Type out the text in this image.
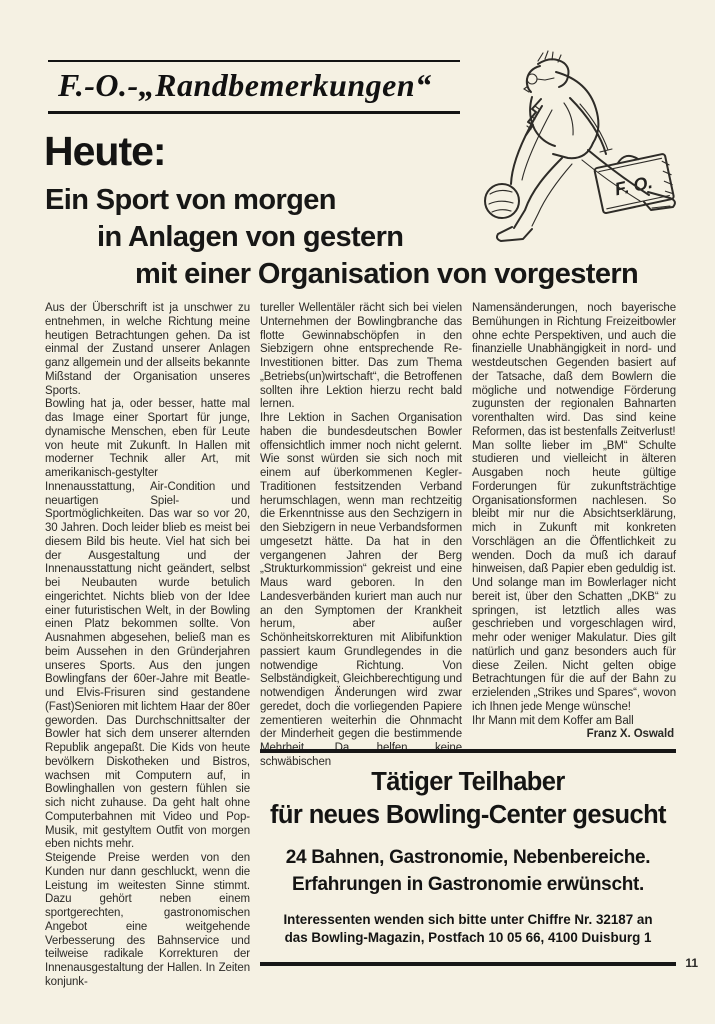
F.-O.-„Randbemerkungen“
F. O.
Heute:
Ein Sport von morgen
in Anlagen von gestern
mit einer Organisation von vorgestern

Aus der Überschrift ist ja unschwer zu entnehmen, in welche Richtung meine heutigen Betrachtungen gehen. Da ist einmal der Zustand unserer Anlagen ganz allgemein und der allseits bekannte Mißstand der Organisation unseres Sports.

Bowling hat ja, oder besser, hatte mal das Image einer Sportart für junge, dynamische Menschen, eben für Leute von heute mit Zukunft. In Hallen mit moderner Technik aller Art, mit amerikanisch-gestylter Innenausstattung, Air-Condition und neuartigen Spiel- und Sportmöglichkeiten. Das war so vor 20, 30 Jahren. Doch leider blieb es meist bei diesem Bild bis heute. Viel hat sich bei der Ausgestaltung und der Innenausstattung nicht geändert, selbst bei Neubauten wurde betulich eingerichtet. Nichts blieb von der Idee einer futuristischen Welt, in der Bowling einen Platz bekommen sollte. Von Ausnahmen abgesehen, beließ man es beim Aussehen in den Gründerjahren unseres Sports. Aus den jungen Bowlingfans der 60er-Jahre mit Beatle- und Elvis-Frisuren sind gestandene (Fast)Senioren mit lichtem Haar der 80er geworden. Das Durchschnittsalter der Bowler hat sich dem unserer alternden Republik angepaßt. Die Kids von heute bevölkern Diskotheken und Bistros, wachsen mit Computern auf, in Bowlinghallen von gestern fühlen sie sich nicht zuhause. Da geht halt ohne Computerbahnen mit Video und Pop-Musik, mit gestyltem Outfit von morgen eben nichts mehr.

Steigende Preise werden von den Kunden nur dann geschluckt, wenn die Leistung im weitesten Sinne stimmt. Dazu gehört neben einem sportgerechten, gastronomischen Angebot eine weitgehende Verbesserung des Bahnservice und teilweise radikale Korrekturen der Innenausgestaltung der Hallen. In Zeiten konjunk-

tureller Wellentäler rächt sich bei vielen Unternehmen der Bowlingbranche das flotte Gewinnabschöpfen in den Siebzigern ohne entsprechende Re-Investitionen bitter. Das zum Thema „Betriebs(un)wirtschaft“, die Betroffenen sollten ihre Lektion hierzu recht bald lernen.

Ihre Lektion in Sachen Organisation haben die bundesdeutschen Bowler offensichtlich immer noch nicht gelernt. Wie sonst würden sie sich noch mit einem auf überkommenen Kegler-Traditionen festsitzenden Verband herumschlagen, wenn man rechtzeitig die Erkenntnisse aus den Sechzigern in den Siebzigern in neue Verbandsformen umgesetzt hätte. Da hat in den vergangenen Jahren der Berg „Strukturkommission“ gekreist und eine Maus ward geboren. In den Landesverbänden kuriert man auch nur an den Symptomen der Krankheit herum, aber außer Schönheitskorrekturen mit Alibifunktion passiert kaum Grundlegendes in die notwendige Richtung. Von Selbständigkeit, Gleichberechtigung und notwendigen Änderungen wird zwar geredet, doch die vorliegenden Papiere zementieren weiterhin die Ohnmacht der Minderheit gegen die bestimmende Mehrheit. Da helfen keine schwäbischen

Namensänderungen, noch bayerische Bemühungen in Richtung Freizeitbowler ohne echte Perspektiven, und auch die finanzielle Unabhängigkeit in nord- und westdeutschen Gegenden basiert auf der Tatsache, daß dem Bowlern die mögliche und notwendige Förderung zugunsten der regionalen Bahnarten vorenthalten wird. Das sind keine Reformen, das ist bestenfalls Zeitverlust!

Man sollte lieber im „BM“ Schulte studieren und vielleicht in älteren Ausgaben noch heute gültige Forderungen für zukunftsträchtige Organisationsformen nachlesen. So bleibt mir nur die Absichtserklärung, mich in Zukunft mit konkreten Vorschlägen an die Öffentlichkeit zu wenden. Doch da muß ich darauf hinweisen, daß Papier eben geduldig ist. Und solange man im Bowlerlager nicht bereit ist, über den Schatten „DKB“ zu springen, ist letztlich alles was geschrieben und vorgeschlagen wird, mehr oder weniger Makulatur. Dies gilt natürlich und ganz besonders auch für diese Zeilen. Nicht gelten obige Betrachtungen für die auf der Bahn zu erzielenden „Strikes und Spares“, wovon ich Ihnen jede Menge wünsche!

Ihr Mann mit dem Koffer am Ball

Franz X. Oswald

Tätiger Teilhaber
für neues Bowling-Center gesucht
24 Bahnen, Gastronomie, Nebenbereiche.
Erfahrungen in Gastronomie erwünscht.
Interessenten wenden sich bitte unter Chiffre Nr. 32187 an
das Bowling-Magazin, Postfach 10 05 66, 4100 Duisburg 1
11
